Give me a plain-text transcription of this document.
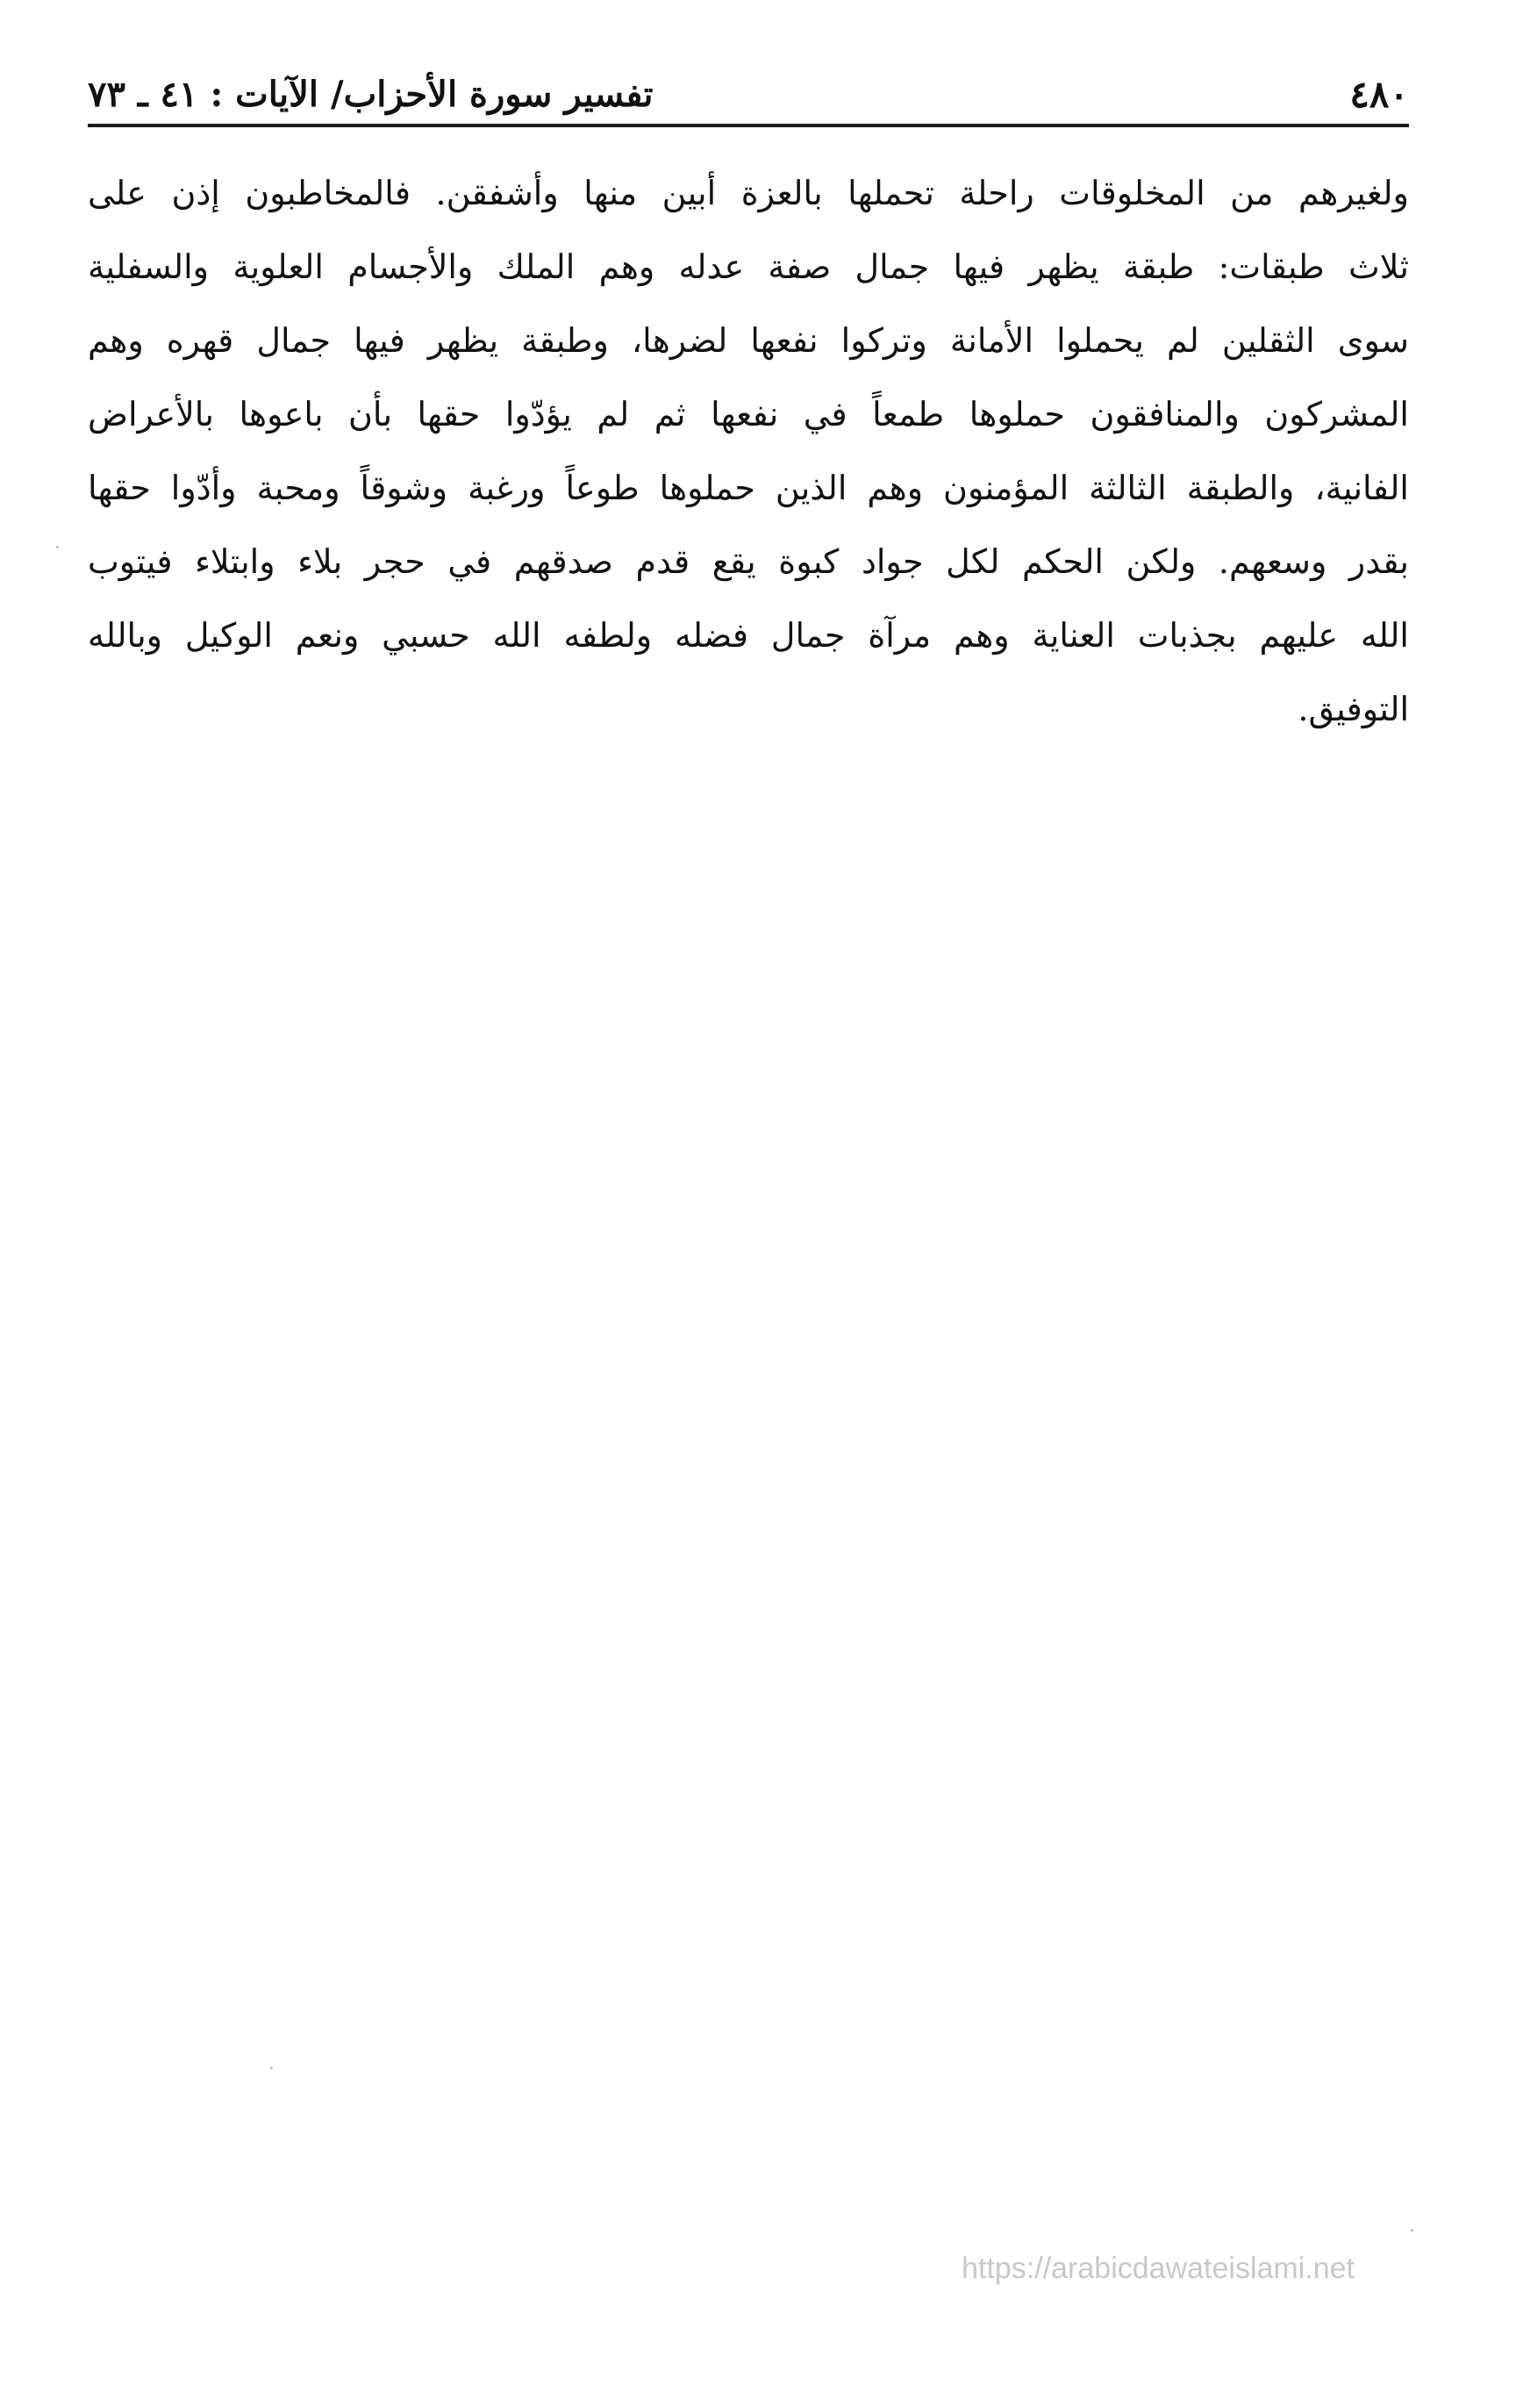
٤٨٠
تفسير سورة الأحزاب/ الآيات : ٤١ ـ ٧٣
ولغيرهم من المخلوقات راحلة تحملها بالعزة أبين منها وأشفقن. فالمخاطبون إذن على
ثلاث طبقات: طبقة يظهر فيها جمال صفة عدله وهم الملك والأجسام العلوية والسفلية
سوى الثقلين لم يحملوا الأمانة وتركوا نفعها لضرها، وطبقة يظهر فيها جمال قهره وهم
المشركون والمنافقون حملوها طمعاً في نفعها ثم لم يؤدّوا حقها بأن باعوها بالأعراض
الفانية، والطبقة الثالثة المؤمنون وهم الذين حملوها طوعاً ورغبة وشوقاً ومحبة وأدّوا حقها
بقدر وسعهم. ولكن الحكم لكل جواد كبوة يقع قدم صدقهم في حجر بلاء وابتلاء فيتوب
الله عليهم بجذبات العناية وهم مرآة جمال فضله ولطفه الله حسبي ونعم الوكيل وبالله
التوفيق.
https://arabicdawateislami.net
